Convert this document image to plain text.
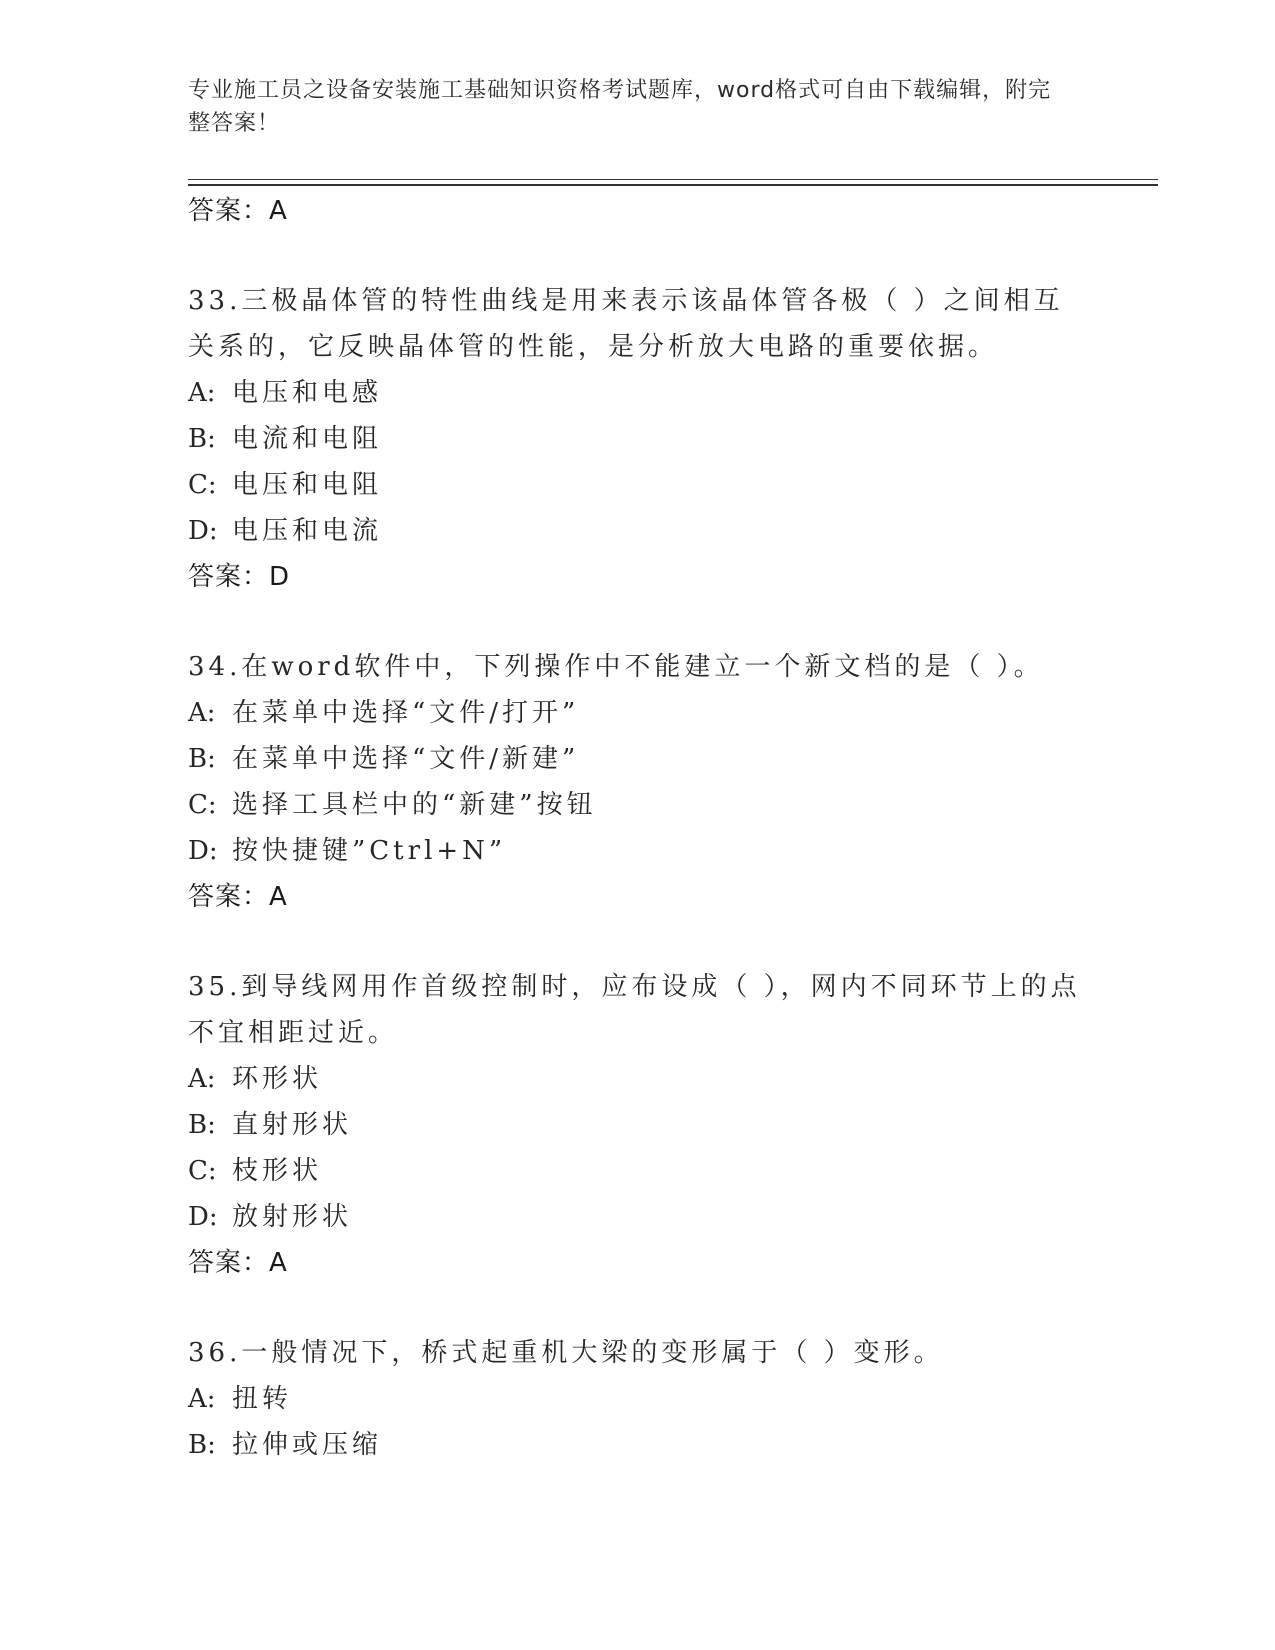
专业施工员之设备安装施工基础知识资格考试题库，word格式可自由下载编辑，附完整答案！
答案：A
33.三极晶体管的特性曲线是用来表示该晶体管各极（ ）之间相互关系的，它反映晶体管的性能，是分析放大电路的重要依据。
A: 电压和电感
B: 电流和电阻
C: 电压和电阻
D: 电压和电流
答案：D
34.在word软件中，下列操作中不能建立一个新文档的是（ ）。
A: 在菜单中选择“文件/打开”
B: 在菜单中选择“文件/新建”
C: 选择工具栏中的“新建”按钮
D: 按快捷键”Ctrl+N”
答案：A
35.到导线网用作首级控制时，应布设成（ ），网内不同环节上的点不宜相距过近。
A: 环形状
B: 直射形状
C: 枝形状
D: 放射形状
答案：A
36.一般情况下，桥式起重机大梁的变形属于（ ）变形。
A: 扭转
B: 拉伸或压缩
